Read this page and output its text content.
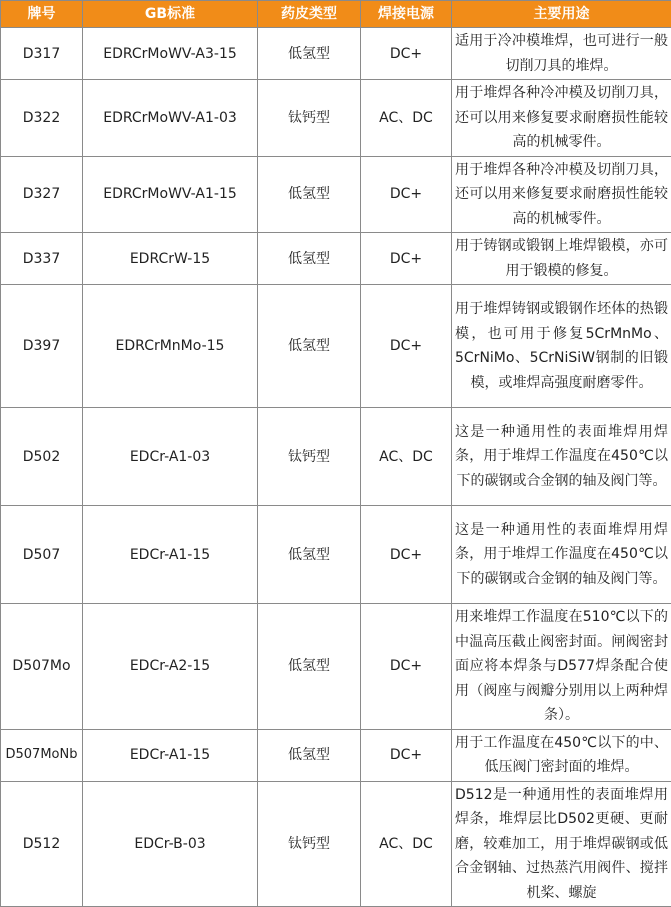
牌号	GB标准	药皮类型	焊接电源	主要用途
D317	EDRCrMoWV-A3-15	低氢型	DC+	适用于冷冲模堆焊，也可进行一般切削刀具的堆焊。
D322	EDRCrMoWV-A1-03	钛钙型	AC、DC	用于堆焊各种冷冲模及切削刀具，还可以用来修复要求耐磨损性能较高的机械零件。
D327	EDRCrMoWV-A1-15	低氢型	DC+	用于堆焊各种冷冲模及切削刀具，还可以用来修复要求耐磨损性能较高的机械零件。
D337	EDRCrW-15	低氢型	DC+	用于铸钢或锻钢上堆焊锻模，亦可用于锻模的修复。
D397	EDRCrMnMo-15	低氢型	DC+	用于堆焊铸钢或锻钢作坯体的热锻模，也可用于修复5CrMnMo、5CrNiMo、5CrNiSiW钢制的旧锻模，或堆焊高强度耐磨零件。
D502	EDCr-A1-03	钛钙型	AC、DC	这是一种通用性的表面堆焊用焊条，用于堆焊工作温度在450℃以下的碳钢或合金钢的轴及阀门等。
D507	EDCr-A1-15	低氢型	DC+	这是一种通用性的表面堆焊用焊条，用于堆焊工作温度在450℃以下的碳钢或合金钢的轴及阀门等。
D507Mo	EDCr-A2-15	低氢型	DC+	用来堆焊工作温度在510℃以下的中温高压截止阀密封面。闸阀密封面应将本焊条与D577焊条配合使用（阀座与阀瓣分别用以上两种焊条）。
D507MoNb	EDCr-A1-15	低氢型	DC+	用于工作温度在450℃以下的中、低压阀门密封面的堆焊。
D512	EDCr-B-03	钛钙型	AC、DC	D512是一种通用性的表面堆焊用焊条，堆焊层比D502更硬、更耐磨，较难加工，用于堆焊碳钢或低合金钢轴、过热蒸汽用阀件、搅拌机桨、螺旋
